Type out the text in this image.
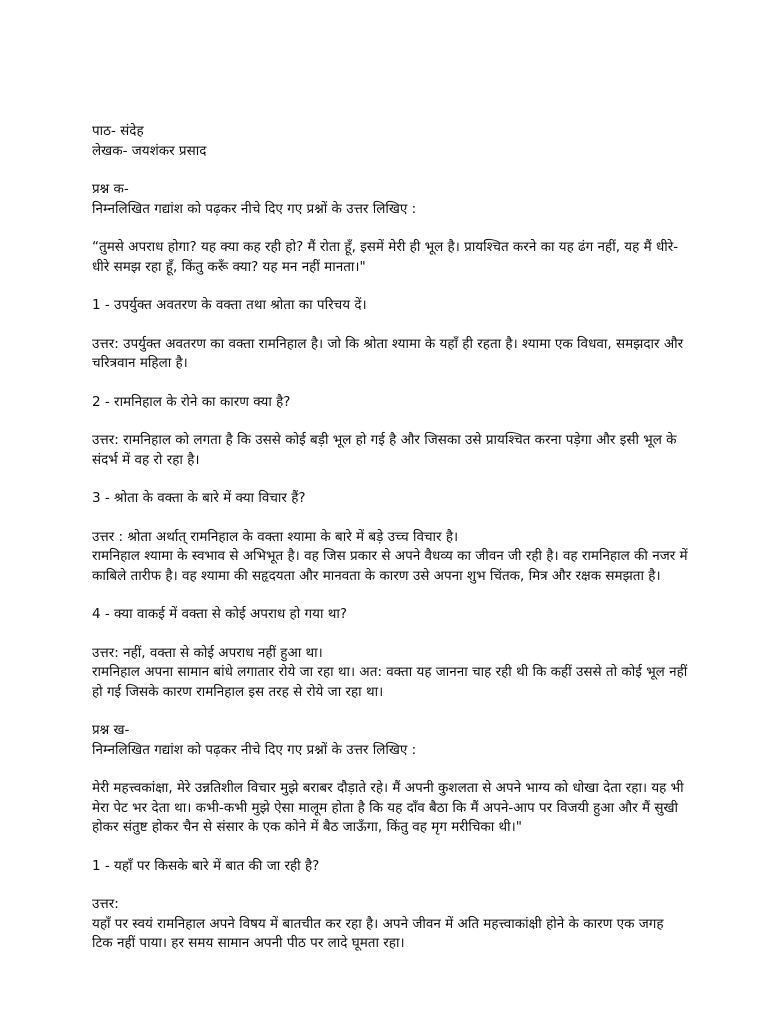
पाठ- संदेह
लेखक- जयशंकर प्रसाद
प्रश्न क-
निम्नलिखित गद्यांश को पढ़कर नीचे दिए गए प्रश्नों के उत्तर लिखिए :
“तुमसे अपराध होगा? यह क्या कह रही हो? मैं रोता हूँ, इसमें मेरी ही भूल है। प्रायश्चित करने का यह ढंग नहीं, यह मैं धीरे-धीरे समझ रहा हूँ, किंतु करूँ क्या? यह मन नहीं मानता।"
1 - उपर्युक्त अवतरण के वक्ता तथा श्रोता का परिचय दें।
उत्तर: उपर्युक्त अवतरण का वक्ता रामनिहाल है। जो कि श्रोता श्यामा के यहाँ ही रहता है। श्यामा एक विधवा, समझदार और चरित्रवान महिला है।
2 - रामनिहाल के रोने का कारण क्या है?
उत्तर: रामनिहाल को लगता है कि उससे कोई बड़ी भूल हो गई है और जिसका उसे प्रायश्चित करना पड़ेगा और इसी भूल के संदर्भ में वह रो रहा है।
3 - श्रोता के वक्ता के बारे में क्या विचार हैं?
उत्तर : श्रोता अर्थात् रामनिहाल के वक्ता श्यामा के बारे में बड़े उच्च विचार है।
रामनिहाल श्यामा के स्वभाव से अभिभूत है। वह जिस प्रकार से अपने वैधव्य का जीवन जी रही है। वह रामनिहाल की नजर में काबिले तारीफ है। वह श्यामा की सहृदयता और मानवता के कारण उसे अपना शुभ चिंतक, मित्र और रक्षक समझता है।
4 - क्या वाकई में वक्ता से कोई अपराध हो गया था?
उत्तर: नहीं, वक्ता से कोई अपराध नहीं हुआ था।
रामनिहाल अपना सामान बांधे लगातार रोये जा रहा था। अत: वक्ता यह जानना चाह रही थी कि कहीं उससे तो कोई भूल नहीं हो गई जिसके कारण रामनिहाल इस तरह से रोये जा रहा था।
प्रश्न ख-
निम्नलिखित गद्यांश को पढ़कर नीचे दिए गए प्रश्नों के उत्तर लिखिए :
मेरी महत्त्वकांक्षा, मेरे उन्नतिशील विचार मुझे बराबर दौड़ाते रहे। मैं अपनी कुशलता से अपने भाग्य को धोखा देता रहा। यह भी मेरा पेट भर देता था। कभी-कभी मुझे ऐसा मालूम होता है कि यह दाँव बैठा कि मैं अपने-आप पर विजयी हुआ और मैं सुखी होकर संतुष्ट होकर चैन से संसार के एक कोने में बैठ जाऊँगा, किंतु वह मृग मरीचिका थी।"
1 - यहाँ पर किसके बारे में बात की जा रही है?
उत्तर:
यहाँ पर स्वयं रामनिहाल अपने विषय में बातचीत कर रहा है। अपने जीवन में अति महत्त्वाकांक्षी होने के कारण एक जगह टिक नहीं पाया। हर समय सामान अपनी पीठ पर लादे घूमता रहा।
